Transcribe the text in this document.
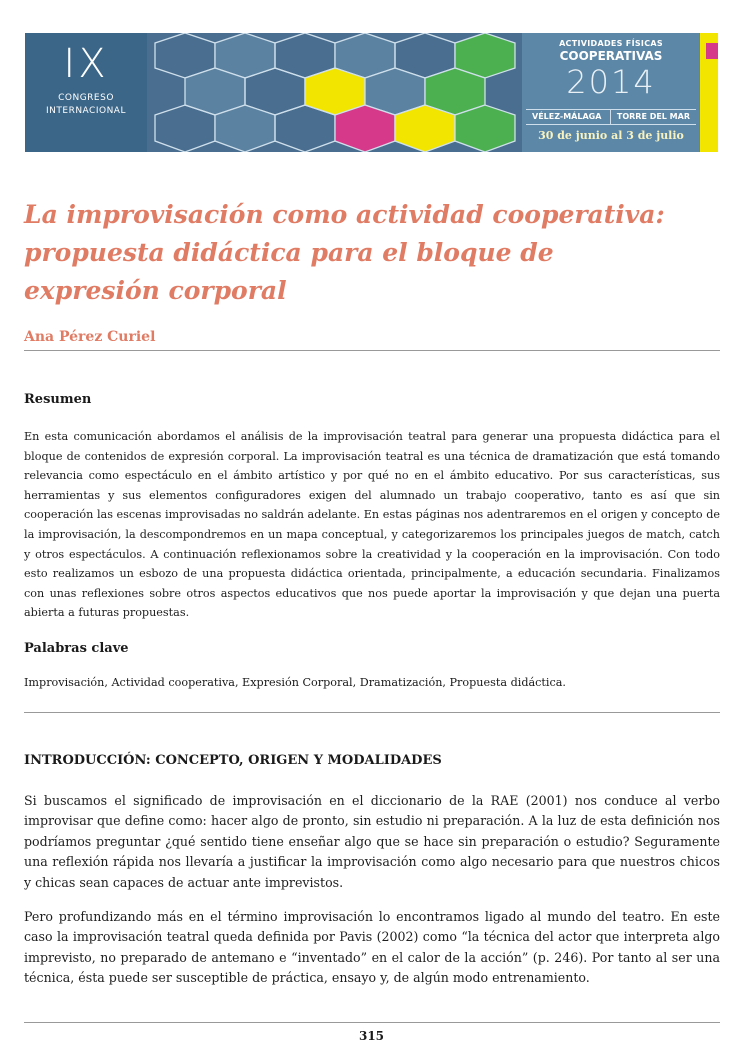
IX
CONGRESO
INTERNACIONAL
ACTIVIDADES FÍSICAS
COOPERATIVAS
2014
VÉLEZ-MÁLAGA TORRE DEL MAR
30 de junio al 3 de julio
La improvisación como actividad cooperativa:
propuesta didáctica para el bloque de
expresión corporal
Ana Pérez Curiel
Resumen
En esta comunicación abordamos el análisis de la improvisación teatral para generar una propuesta didáctica para el bloque de contenidos de expresión corporal. La improvisación teatral es una técnica de dramatización que está tomando relevancia como espectáculo en el ámbito artístico y por qué no en el ámbito educativo. Por sus características, sus herramientas y sus elementos configuradores exigen del alumnado un trabajo cooperativo, tanto es así que sin cooperación las escenas improvisadas no saldrán adelante. En estas páginas nos adentraremos en el origen y concepto de la improvisación, la descompondremos en un mapa conceptual, y categorizaremos los principales juegos de match, catch y otros espectáculos. A continuación reflexionamos sobre la creatividad y la cooperación en la improvisación. Con todo esto realizamos un esbozo de una propuesta didáctica orientada, principalmente, a educación secundaria. Finalizamos con unas reflexiones sobre otros aspectos educativos que nos puede aportar la improvisación y que dejan una puerta abierta a futuras propuestas.
Palabras clave
Improvisación, Actividad cooperativa, Expresión Corporal, Dramatización, Propuesta didáctica.
INTRODUCCIÓN: CONCEPTO, ORIGEN Y MODALIDADES
Si buscamos el significado de improvisación en el diccionario de la RAE (2001) nos conduce al verbo improvisar que define como: hacer algo de pronto, sin estudio ni preparación. A la luz de esta definición nos podríamos preguntar ¿qué sentido tiene enseñar algo que se hace sin preparación o estudio? Seguramente una reflexión rápida nos llevaría a justificar la improvisación como algo necesario para que nuestros chicos y chicas sean capaces de actuar ante imprevistos.
Pero profundizando más en el término improvisación lo encontramos ligado al mundo del teatro. En este caso la improvisación teatral queda definida por Pavis (2002) como “la técnica del actor que interpreta algo imprevisto, no preparado de antemano e “inventado” en el calor de la acción” (p. 246). Por tanto al ser una técnica, ésta puede ser susceptible de práctica, ensayo y, de algún modo entrenamiento.
315
